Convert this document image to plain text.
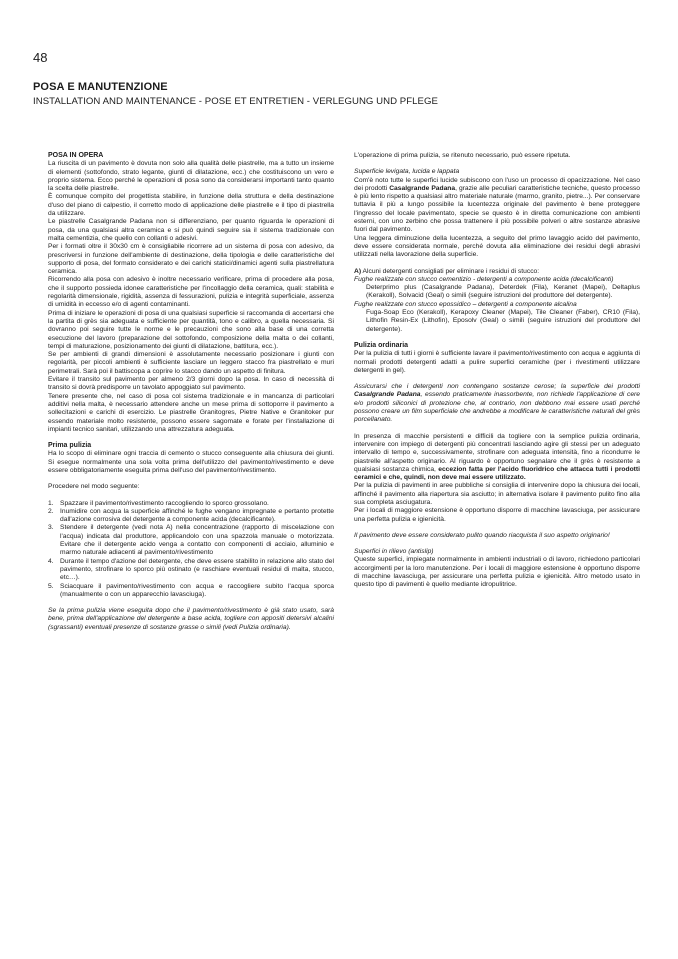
48
POSA E MANUTENZIONE
INSTALLATION AND MAINTENANCE - POSE ET ENTRETIEN - VERLEGUNG UND PFLEGE

POSA IN OPERA

La riuscita di un pavimento è dovuta non solo alla qualità delle piastrelle, ma a tutto un insieme di elementi (sottofondo, strato legante, giunti di dilatazione, ecc.) che costituiscono un vero e proprio sistema. Ecco perché le operazioni di posa sono da considerarsi importanti tanto quanto la scelta delle piastrelle.

È comunque compito del progettista stabilire, in funzione della struttura e della destinazione d'uso del piano di calpestio, il corretto modo di applicazione delle piastrelle e il tipo di piastrella da utilizzare.

Le piastrelle Casalgrande Padana non si differenziano, per quanto riguarda le operazioni di posa, da una qualsiasi altra ceramica e si può quindi seguire sia il sistema tradizionale con malta cementizia, che quello con collanti o adesivi.

Per i formati oltre il 30x30 cm è consigliabile ricorrere ad un sistema di posa con adesivo, da prescriversi in funzione dell'ambiente di destinazione, della tipologia e delle caratteristiche del supporto di posa, del formato considerato e dei carichi statici/dinamici agenti sulla piastrellatura ceramica.

Ricorrendo alla posa con adesivo è inoltre necessario verificare, prima di procedere alla posa, che il supporto possieda idonee caratteristiche per l'incollaggio della ceramica, quali: stabilità e regolarità dimensionale, rigidità, assenza di fessurazioni, pulizia e integrità superficiale, assenza di umidità in eccesso e/o di agenti contaminanti.

Prima di iniziare le operazioni di posa di una qualsiasi superficie si raccomanda di accertarsi che la partita di grès sia adeguata e sufficiente per quantità, tono e calibro, a quella necessaria. Si dovranno poi seguire tutte le norme e le precauzioni che sono alla base di una corretta esecuzione del lavoro (preparazione del sottofondo, composizione della malta o dei collanti, tempi di maturazione, posizionamento dei giunti di dilatazione, battitura, ecc.).

Se per ambienti di grandi dimensioni è assolutamente necessario posizionare i giunti con regolarità, per piccoli ambienti è sufficiente lasciare un leggero stacco fra piastrellato e muri perimetrali. Sarà poi il battiscopa a coprire lo stacco dando un aspetto di finitura.

Evitare il transito sul pavimento per almeno 2/3 giorni dopo la posa. In caso di necessità di transito si dovrà predisporre un tavolato appoggiato sul pavimento.

Tenere presente che, nel caso di posa col sistema tradizionale e in mancanza di particolari additivi nella malta, è necessario attendere anche un mese prima di sottoporre il pavimento a sollecitazioni e carichi di esercizio. Le piastrelle Granitogres, Pietre Native e Granitoker pur essendo materiale molto resistente, possono essere sagomate e forate per l'installazione di impianti tecnico sanitari, utilizzando una attrezzatura adeguata.

Prima pulizia

Ha lo scopo di eliminare ogni traccia di cemento o stucco conseguente alla chiusura dei giunti. Si esegue normalmente una sola volta prima dell'utilizzo del pavimento/rivestimento e deve essere obbligatoriamente eseguita prima dell'uso del pavimento/rivestimento.

Procedere nel modo seguente:

1. Spazzare il pavimento/rivestimento raccogliendo lo sporco grossolano.
2. Inumidire con acqua la superficie affinché le fughe vengano impregnate e pertanto protette dall'azione corrosiva del detergente a componente acida (decalcificante).
3. Stendere il detergente (vedi nota A) nella concentrazione (rapporto di miscelazione con l'acqua) indicata dal produttore, applicandolo con una spazzola manuale o motorizzata. Evitare che il detergente acido venga a contatto con componenti di acciaio, alluminio e marmo naturale adiacenti al pavimento/rivestimento
4. Durante il tempo d'azione del detergente, che deve essere stabilito in relazione allo stato del pavimento, strofinare lo sporco più ostinato (e raschiare eventuali residui di malta, stucco, etc…).
5. Sciacquare il pavimento/rivestimento con acqua e raccogliere subito l'acqua sporca (manualmente o con un apparecchio lavasciuga).

Se la prima pulizia viene eseguita dopo che il pavimento/rivestimento è già stato usato, sarà bene, prima dell'applicazione del detergente a base acida, togliere con appositi detersivi alcalini (sgrassanti) eventuali presenze di sostanze grasse o simili (vedi Pulizia ordinaria).

L'operazione di prima pulizia, se ritenuto necessario, può essere ripetuta.

Superficie levigata, lucida e lappata

Com'è noto tutte le superfici lucide subiscono con l'uso un processo di opacizzazione. Nel caso dei prodotti Casalgrande Padana, grazie alle peculiari caratteristiche tecniche, questo processo è più lento rispetto a qualsiasi altro materiale naturale (marmo, granito, pietre...). Per conservare tuttavia il più a lungo possibile la lucentezza originale del pavimento è bene proteggere l'ingresso del locale pavimentato, specie se questo è in diretta comunicazione con ambienti esterni, con uno zerbino che possa trattenere il più possibile polveri o altre sostanze abrasive fuori dal pavimento.

Una leggera diminuzione della lucentezza, a seguito del primo lavaggio acido del pavimento, deve essere considerata normale, perché dovuta alla eliminazione dei residui degli abrasivi utilizzati nella lavorazione della superficie.

A) Alcuni detergenti consigliati per eliminare i residui di stucco:

Fughe realizzate con stucco cementizio - detergenti a componente acida (decalcificanti)

Deterprimo plus (Casalgrande Padana), Deterdek (Fila), Keranet (Mapei), Deltaplus (Kerakoll), Solvacid (Geal) o simili (seguire istruzioni del produttore del detergente).

Fughe realizzate con stucco epossidico – detergenti a componente alcalina

Fuga-Soap Eco (Kerakoll), Kerapoxy Cleaner (Mapei), Tile Cleaner (Faber), CR10 (Fila), Lithofin Resin-Ex (Lithofin), Eposolv (Geal) o simili (seguire istruzioni del produttore del detergente).

Pulizia ordinaria

Per la pulizia di tutti i giorni è sufficiente lavare il pavimento/rivestimento con acqua e aggiunta di normali prodotti detergenti adatti a pulire superfici ceramiche (per i rivestimenti utilizzare detergenti in gel).

Assicurarsi che i detergenti non contengano sostanze cerose; la superficie dei prodotti Casalgrande Padana, essendo praticamente inassorbente, non richiede l'applicazione di cere e/o prodotti siliconici di protezione che, al contrario, non debbono mai essere usati perché possono creare un film superficiale che andrebbe a modificare le caratteristiche naturali del grès porcellanato.

In presenza di macchie persistenti e difficili da togliere con la semplice pulizia ordinaria, intervenire con impiego di detergenti più concentrati lasciando agire gli stessi per un adeguato intervallo di tempo e, successivamente, strofinare con adeguata intensità, fino a ricondurre le piastrelle all'aspetto originario. Al riguardo è opportuno segnalare che il grès è resistente a qualsiasi sostanza chimica, eccezion fatta per l'acido fluoridrico che attacca tutti i prodotti ceramici e che, quindi, non deve mai essere utilizzato.

Per la pulizia di pavimenti in aree pubbliche si consiglia di intervenire dopo la chiusura dei locali, affinché il pavimento alla riapertura sia asciutto; in alternativa isolare il pavimento pulito fino alla sua completa asciugatura.

Per i locali di maggiore estensione è opportuno disporre di macchine lavasciuga, per assicurare una perfetta pulizia e igienicità.

Il pavimento deve essere considerato pulito quando riacquista il suo aspetto originario!

Superfici in rilievo (antislip)

Queste superfici, impiegate normalmente in ambienti industriali o di lavoro, richiedono particolari accorgimenti per la loro manutenzione. Per i locali di maggiore estensione è opportuno disporre di macchine lavasciuga, per assicurare una perfetta pulizia e igienicità. Altro metodo usato in questo tipo di pavimenti è quello mediante idropulitrice.
